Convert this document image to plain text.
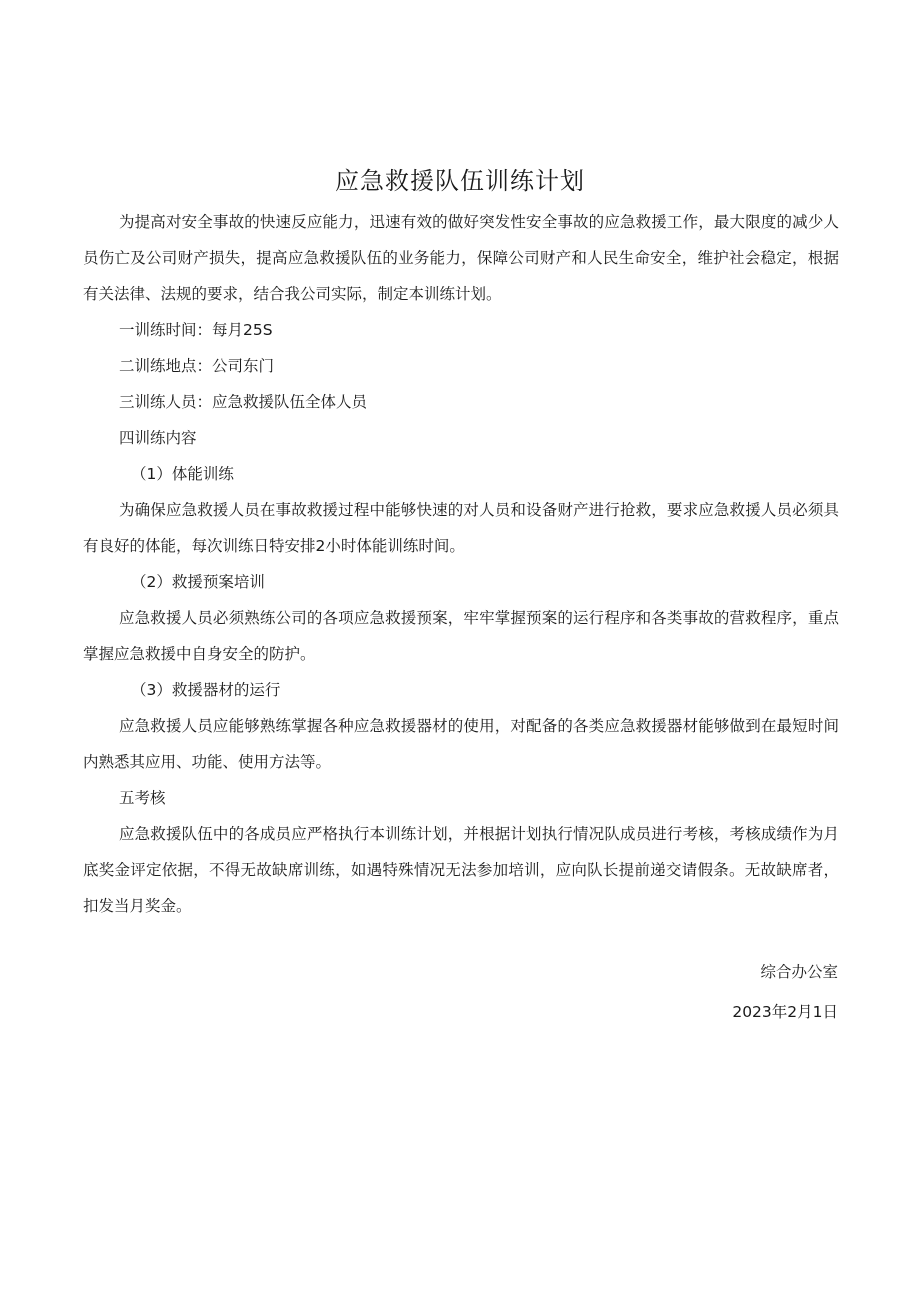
应急救援队伍训练计划

为提高对安全事故的快速反应能力，迅速有效的做好突发性安全事故的应急救援工作，最大限度的减少人员伤亡及公司财产损失，提高应急救援队伍的业务能力，保障公司财产和人民生命安全，维护社会稳定，根据有关法律、法规的要求，结合我公司实际，制定本训练计划。

一训练时间：每月25S

二训练地点：公司东门

三训练人员：应急救援队伍全体人员

四训练内容

（1）体能训练

为确保应急救援人员在事故救援过程中能够快速的对人员和设备财产进行抢救，要求应急救援人员必须具有良好的体能，每次训练日特安排2小时体能训练时间。

（2）救援预案培训

应急救援人员必须熟练公司的各项应急救援预案，牢牢掌握预案的运行程序和各类事故的营救程序，重点掌握应急救援中自身安全的防护。

（3）救援器材的运行

应急救援人员应能够熟练掌握各种应急救援器材的使用，对配备的各类应急救援器材能够做到在最短时间内熟悉其应用、功能、使用方法等。

五考核

应急救援队伍中的各成员应严格执行本训练计划，并根据计划执行情况队成员进行考核，考核成绩作为月底奖金评定依据，不得无故缺席训练，如遇特殊情况无法参加培训，应向队长提前递交请假条。无故缺席者，扣发当月奖金。

综合办公室
2023年2月1日
